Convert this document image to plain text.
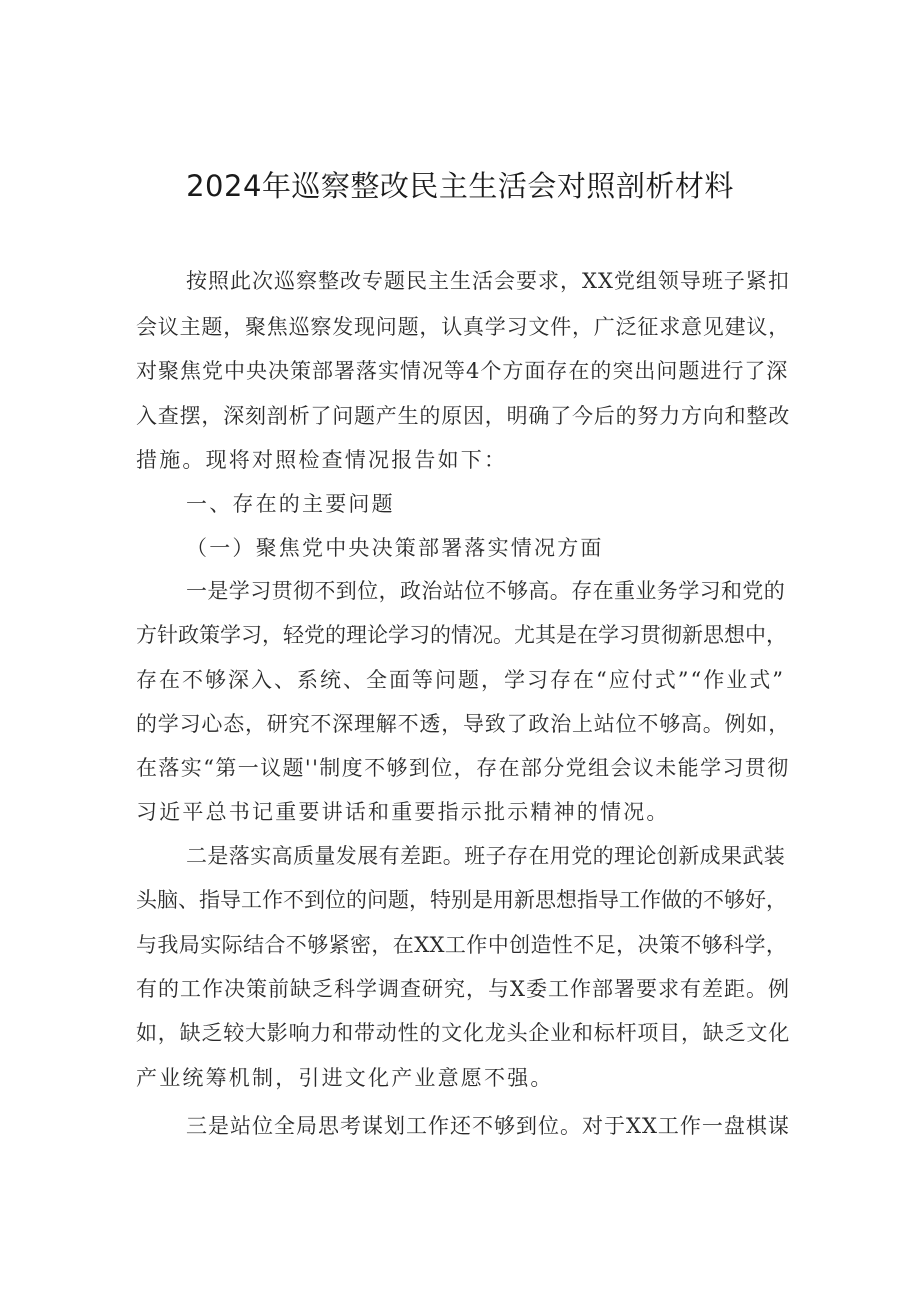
2024年巡察整改民主生活会对照剖析材料
按照此次巡察整改专题民主生活会要求，XX党组领导班子紧扣
会议主题，聚焦巡察发现问题，认真学习文件，广泛征求意见建议，
对聚焦党中央决策部署落实情况等4个方面存在的突出问题进行了深
入查摆，深刻剖析了问题产生的原因，明确了今后的努力方向和整改
措施。现将对照检查情况报告如下：
一、存在的主要问题
（一）聚焦党中央决策部署落实情况方面
一是学习贯彻不到位，政治站位不够高。存在重业务学习和党的
方针政策学习，轻党的理论学习的情况。尤其是在学习贯彻新思想中，
存在不够深入、系统、全面等问题，学习存在“应付式”“作业式”
的学习心态，研究不深理解不透，导致了政治上站位不够高。例如，
在落实“第一议题''制度不够到位，存在部分党组会议未能学习贯彻
习近平总书记重要讲话和重要指示批示精神的情况。
二是落实高质量发展有差距。班子存在用党的理论创新成果武装
头脑、指导工作不到位的问题，特别是用新思想指导工作做的不够好，
与我局实际结合不够紧密，在XX工作中创造性不足，决策不够科学，
有的工作决策前缺乏科学调查研究，与X委工作部署要求有差距。例
如，缺乏较大影响力和带动性的文化龙头企业和标杆项目，缺乏文化
产业统筹机制，引进文化产业意愿不强。
三是站位全局思考谋划工作还不够到位。对于XX工作一盘棋谋
